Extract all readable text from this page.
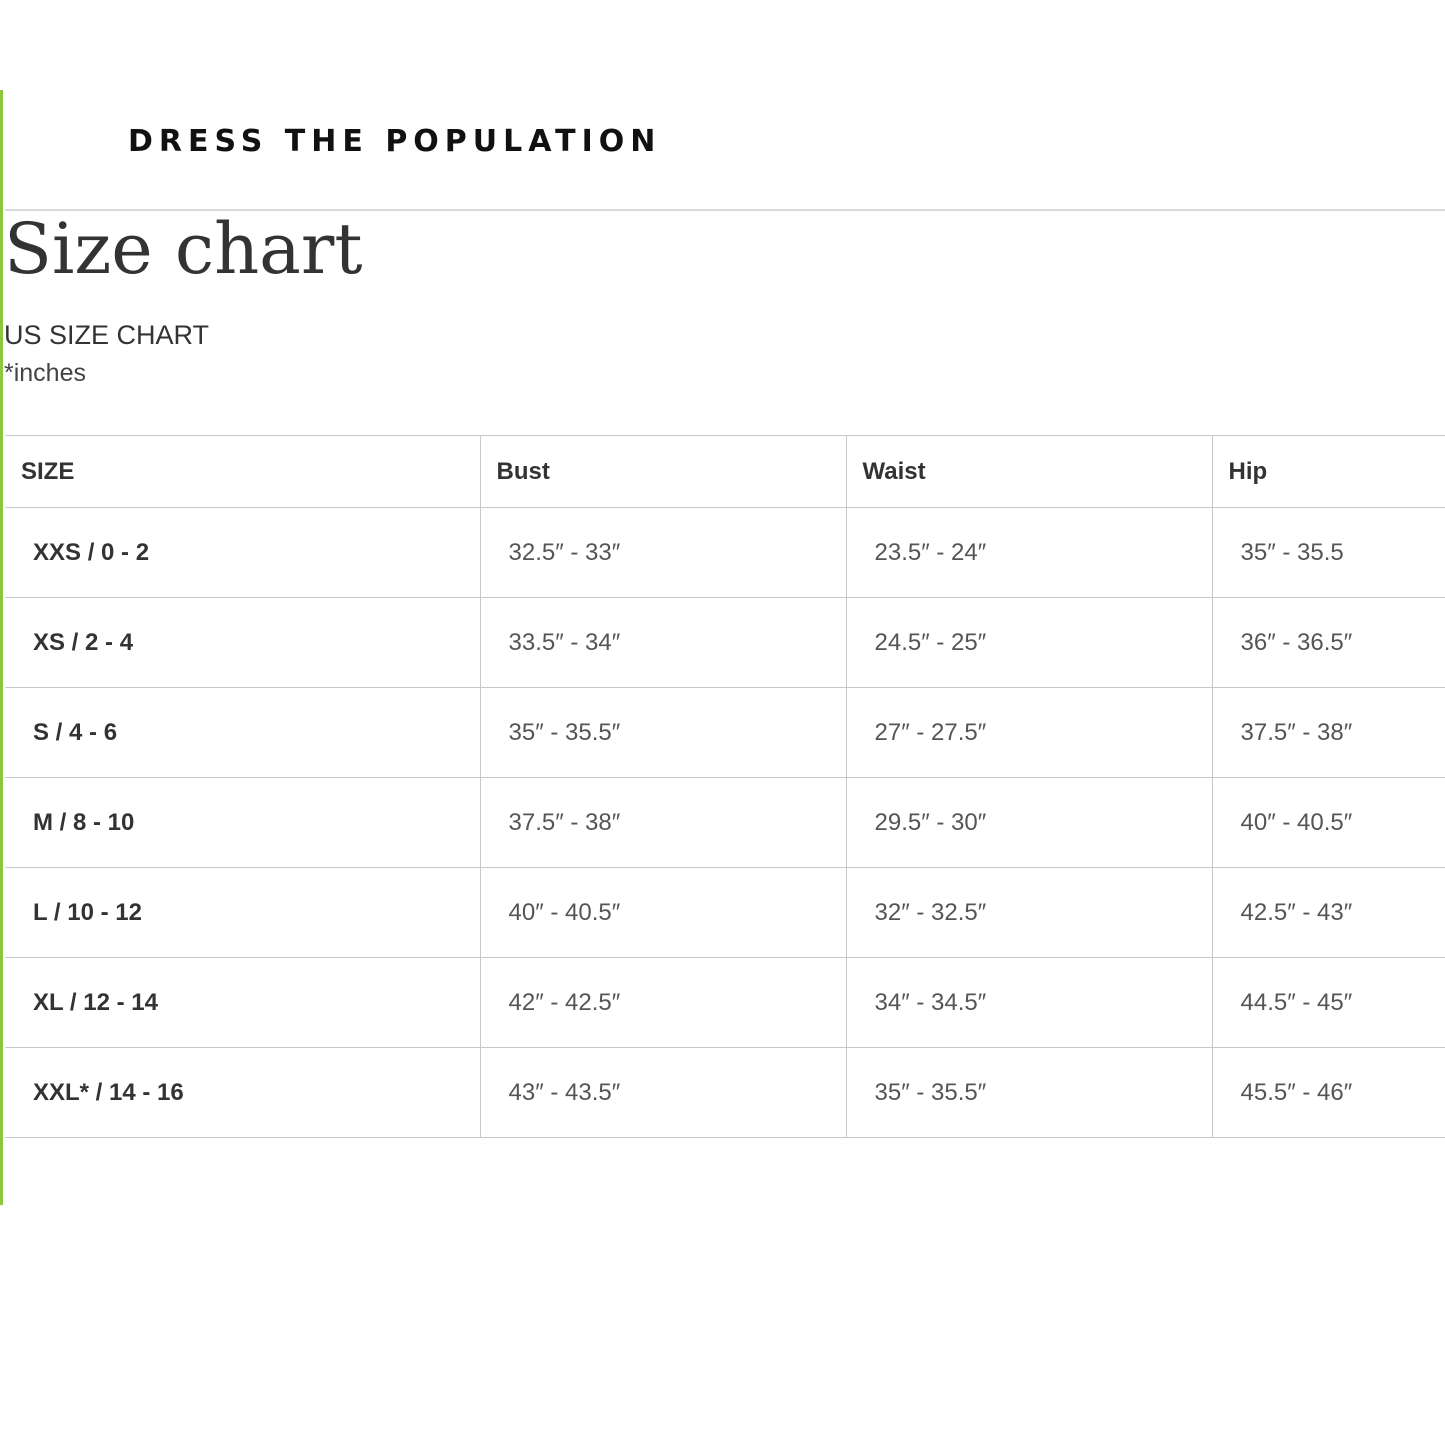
DRESS THE POPULATION
Size chart
US SIZE CHART
*inches
SIZE	Bust	Waist	Hip
XXS / 0 - 2	32.5″ - 33″	23.5″ - 24″	35″ - 35.5
XS / 2 - 4	33.5″ - 34″	24.5″ - 25″	36″ - 36.5″
S / 4 - 6	35″ - 35.5″	27″ - 27.5″	37.5″ - 38″
M / 8 - 10	37.5″ - 38″	29.5″ - 30″	40″ - 40.5″
L / 10 - 12	40″ - 40.5″	32″ - 32.5″	42.5″ - 43″
XL / 12 - 14	42″ - 42.5″	34″ - 34.5″	44.5″ - 45″
XXL* / 14 - 16	43″ - 43.5″	35″ - 35.5″	45.5″ - 46″
